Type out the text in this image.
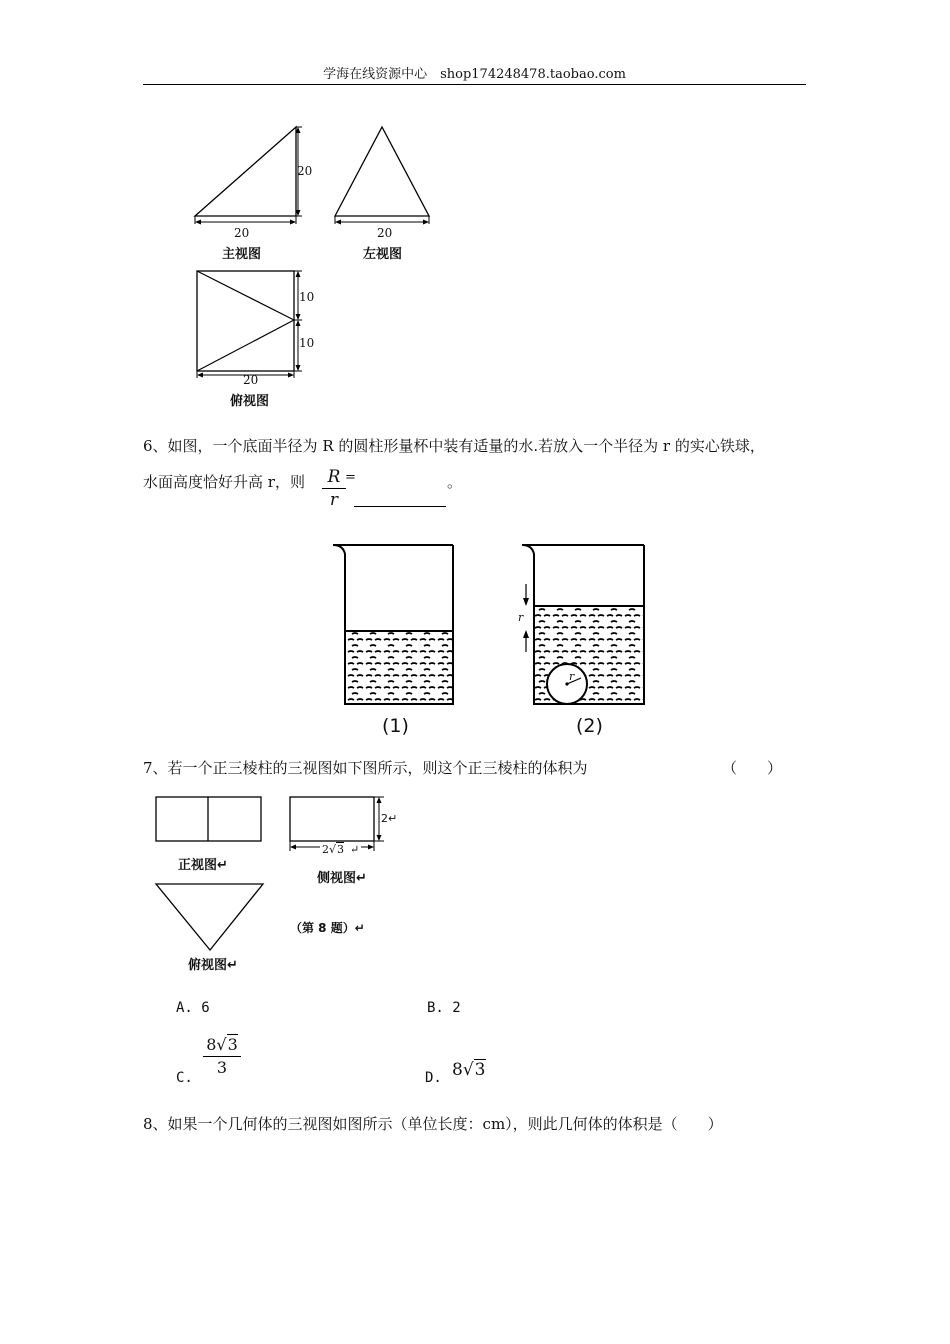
学海在线资源中心　shop174248478.taobao.com
20
20
主视图
20
左视图
10
10
20
俯视图
6、如图，一个底面半径为 R 的圆柱形量杯中装有适量的水.若放入一个半径为 r 的实心铁球，
水面高度恰好升高 r，则 $\frac{R}{r}$ =	。
(1)
r
r
(2)
7、若一个正三棱柱的三视图如下图所示，则这个正三棱柱的体积为	（　　）
正视图↵
2↵
2√3 ↵
侧视图↵
俯视图↵
（第 8 题）↵
A. 6	B. 2
C. $\frac{8√3}{3}$	D. 8√3
8、如果一个几何体的三视图如图所示（单位长度：cm），则此几何体的体积是（　　）
